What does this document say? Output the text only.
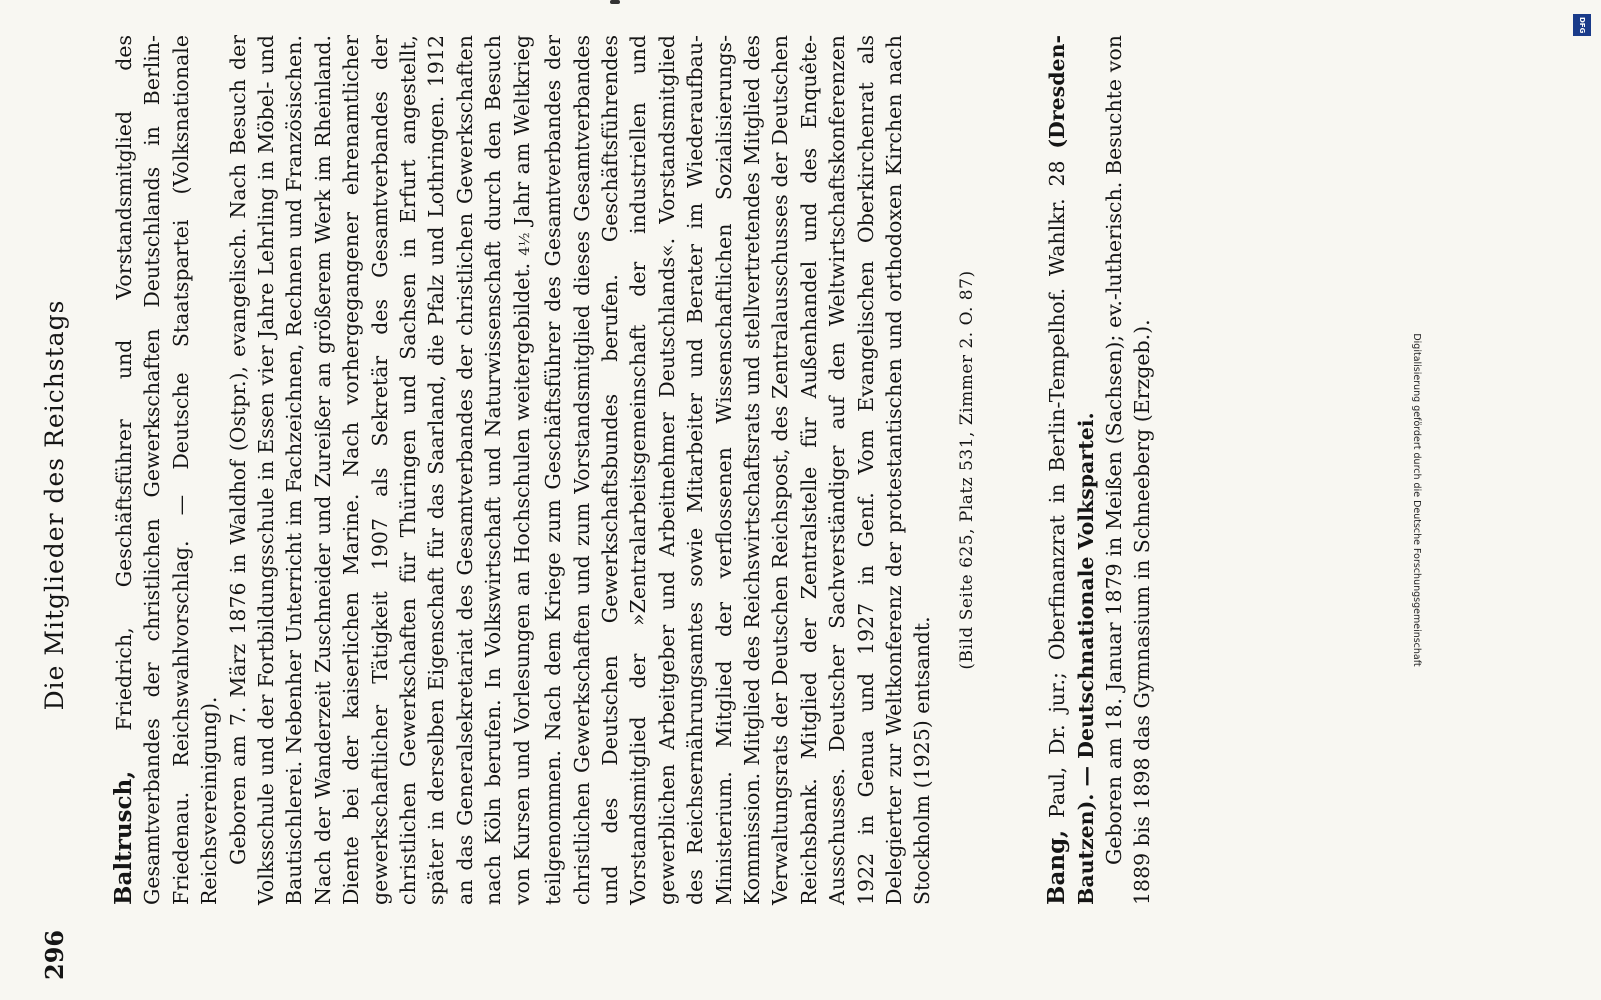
296
Die Mitglieder des Reichstags

Baltrusch, Friedrich, Geschäftsführer und Vorstandsmitglied des Gesamtverbandes der christlichen Gewerkschaften Deutschlands in Berlin-Friedenau. Reichswahlvorschlag. — Deutsche Staatspartei (Volksnationale Reichsvereinigung). Geboren am 7. März 1876 in Waldhof (Ostpr.), evangelisch. Nach Besuch der Volksschule und der Fortbildungsschule in Essen vier Jahre Lehrling in Möbel- und Bautischlerei. Nebenher Unterricht im Fachzeichnen, Rechnen und Französischen. Nach der Wanderzeit Zuschneider und Zureißer an größerem Werk im Rheinland. Diente bei der kaiserlichen Marine. Nach vorhergegangener ehrenamtlicher gewerkschaftlicher Tätigkeit 1907 als Sekretär des Gesamtverbandes der christlichen Gewerkschaften für Thüringen und Sachsen in Erfurt angestellt, später in derselben Eigenschaft für das Saarland, die Pfalz und Lothringen. 1912 an das Generalsekretariat des Gesamtverbandes der christlichen Gewerkschaften nach Köln berufen. In Volkswirtschaft und Naturwissenschaft durch den Besuch von Kursen und Vorlesungen an Hochschulen weitergebildet. 4½ Jahr am Weltkrieg teilgenommen. Nach dem Kriege zum Geschäftsführer des Gesamtverbandes der christlichen Gewerkschaften und zum Vorstandsmitglied dieses Gesamtverbandes und des Deutschen Gewerkschaftsbundes berufen. Geschäftsführendes Vorstandsmitglied der »Zentralarbeitsgemeinschaft der industriellen und gewerblichen Arbeitgeber und Arbeitnehmer Deutschlands«. Vorstandsmitglied des Reichsernährungsamtes sowie Mitarbeiter und Berater im Wiederaufbau-Ministerium. Mitglied der verflossenen Wissenschaftlichen Sozialisierungs-Kommission. Mitglied des Reichswirtschaftsrats und stellvertretendes Mitglied des Verwaltungsrats der Deutschen Reichspost, des Zentralausschusses der Deutschen Reichsbank. Mitglied der Zentralstelle für Außenhandel und des Enquête-Ausschusses. Deutscher Sachverständiger auf den Weltwirtschaftskonferenzen 1922 in Genua und 1927 in Genf. Vom Evangelischen Oberkirchenrat als Delegierter zur Weltkonferenz der protestantischen und orthodoxen Kirchen nach Stockholm (1925) entsandt.

(Bild Seite 625, Platz 531, Zimmer 2. O. 87)

Bang, Paul, Dr. jur.; Oberfinanzrat in Berlin-Tempelhof. Wahlkr. 28 (Dresden-Bautzen). — Deutschnationale Volkspartei. Geboren am 18. Januar 1879 in Meißen (Sachsen); ev.-lutherisch. Besuchte von 1889 bis 1898 das Gymnasium in Schneeberg (Erzgeb.).	Digitalisierung gefördert durch die Deutsche Forschungsgemeinschaft
DFG
